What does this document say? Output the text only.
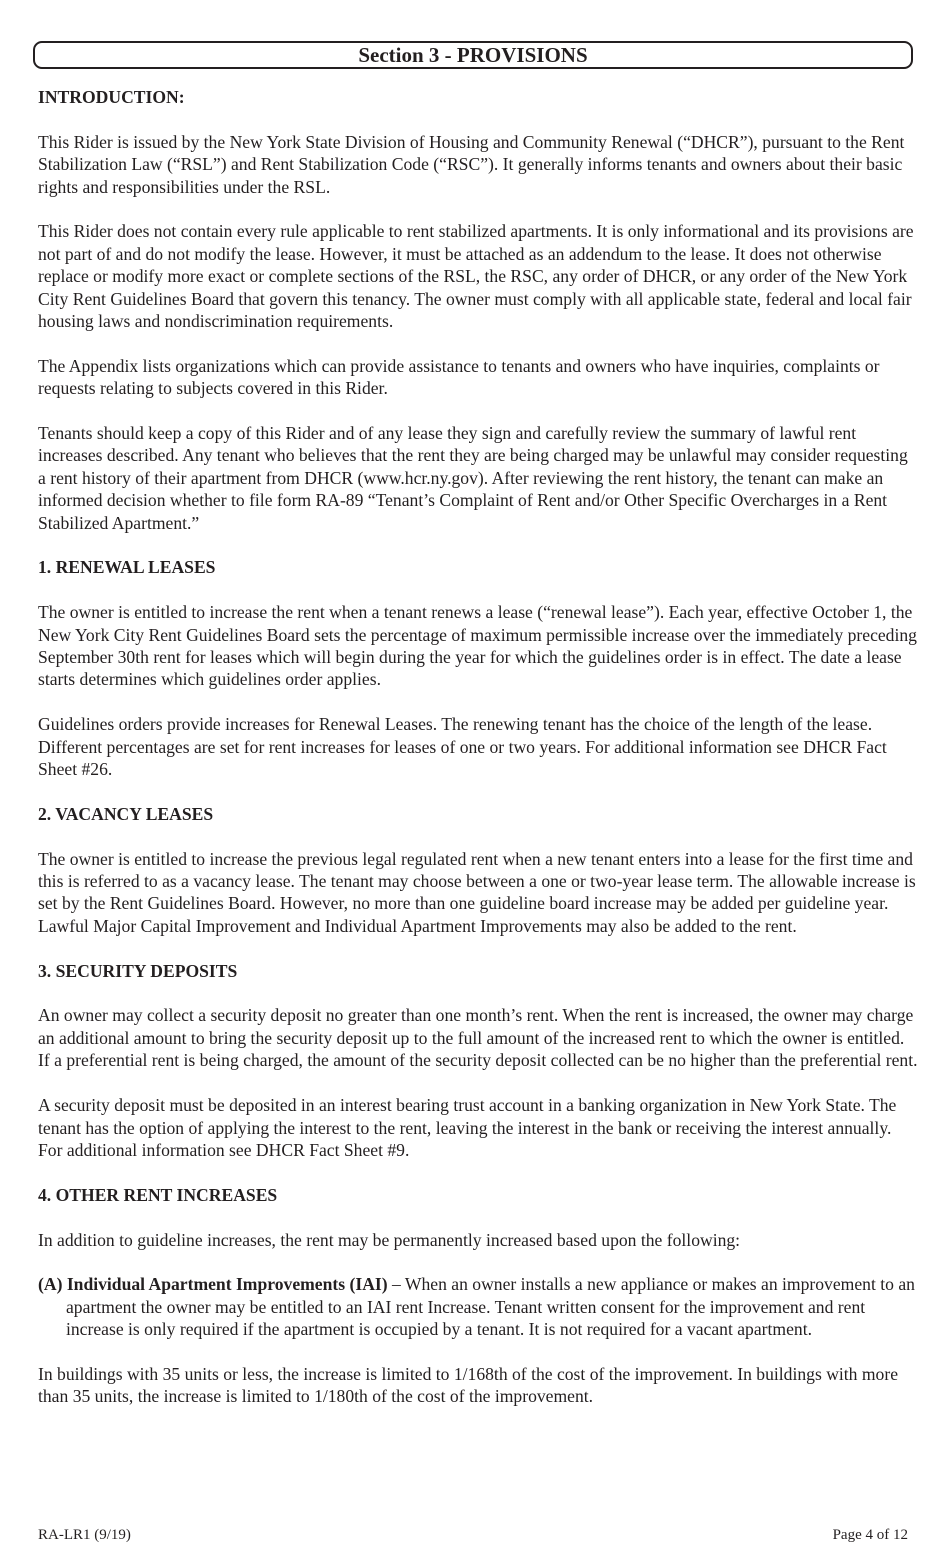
Section 3 - PROVISIONS
INTRODUCTION:

This Rider is issued by the New York State Division of Housing and Community Renewal (“DHCR”), pursuant to the Rent Stabilization Law (“RSL”) and Rent Stabilization Code (“RSC”). It generally informs tenants and owners about their basic rights and responsibilities under the RSL.

This Rider does not contain every rule applicable to rent stabilized apartments. It is only informational and its provisions are not part of and do not modify the lease. However, it must be attached as an addendum to the lease. It does not otherwise replace or modify more exact or complete sections of the RSL, the RSC, any order of DHCR, or any order of the New York City Rent Guidelines Board that govern this tenancy. The owner must comply with all applicable state, federal and local fair housing laws and nondiscrimination requirements.

The Appendix lists organizations which can provide assistance to tenants and owners who have inquiries, complaints or requests relating to subjects covered in this Rider.

Tenants should keep a copy of this Rider and of any lease they sign and carefully review the summary of lawful rent increases described. Any tenant who believes that the rent they are being charged may be unlawful may consider requesting a rent history of their apartment from DHCR (www.hcr.ny.gov). After reviewing the rent history, the tenant can make an informed decision whether to file form RA-89 “Tenant’s Complaint of Rent and/or Other Specific Overcharges in a Rent Stabilized Apartment.”

1. RENEWAL LEASES

The owner is entitled to increase the rent when a tenant renews a lease (“renewal lease”). Each year, effective October 1, the New York City Rent Guidelines Board sets the percentage of maximum permissible increase over the immediately preceding September 30th rent for leases which will begin during the year for which the guidelines order is in effect. The date a lease starts determines which guidelines order applies.

Guidelines orders provide increases for Renewal Leases. The renewing tenant has the choice of the length of the lease. Different percentages are set for rent increases for leases of one or two years. For additional information see DHCR Fact Sheet #26.

2. VACANCY LEASES

The owner is entitled to increase the previous legal regulated rent when a new tenant enters into a lease for the first time and this is referred to as a vacancy lease. The tenant may choose between a one or two-year lease term. The allowable increase is set by the Rent Guidelines Board. However, no more than one guideline board increase may be added per guideline year. Lawful Major Capital Improvement and Individual Apartment Improvements may also be added to the rent.

3. SECURITY DEPOSITS

An owner may collect a security deposit no greater than one month’s rent. When the rent is increased, the owner may charge an additional amount to bring the security deposit up to the full amount of the increased rent to which the owner is entitled. If a preferential rent is being charged, the amount of the security deposit collected can be no higher than the preferential rent.

A security deposit must be deposited in an interest bearing trust account in a banking organization in New York State. The tenant has the option of applying the interest to the rent, leaving the interest in the bank or receiving the interest annually. For additional information see DHCR Fact Sheet #9.

4. OTHER RENT INCREASES

In addition to guideline increases, the rent may be permanently increased based upon the following:

(A) Individual Apartment Improvements (IAI) – When an owner installs a new appliance or makes an improvement to an apartment the owner may be entitled to an IAI rent Increase. Tenant written consent for the improvement and rent increase is only required if the apartment is occupied by a tenant. It is not required for a vacant apartment.

In buildings with 35 units or less, the increase is limited to 1/168th of the cost of the improvement. In buildings with more than 35 units, the increase is limited to 1/180th of the cost of the improvement.

RA-LR1 (9/19)	Page 4 of 12
